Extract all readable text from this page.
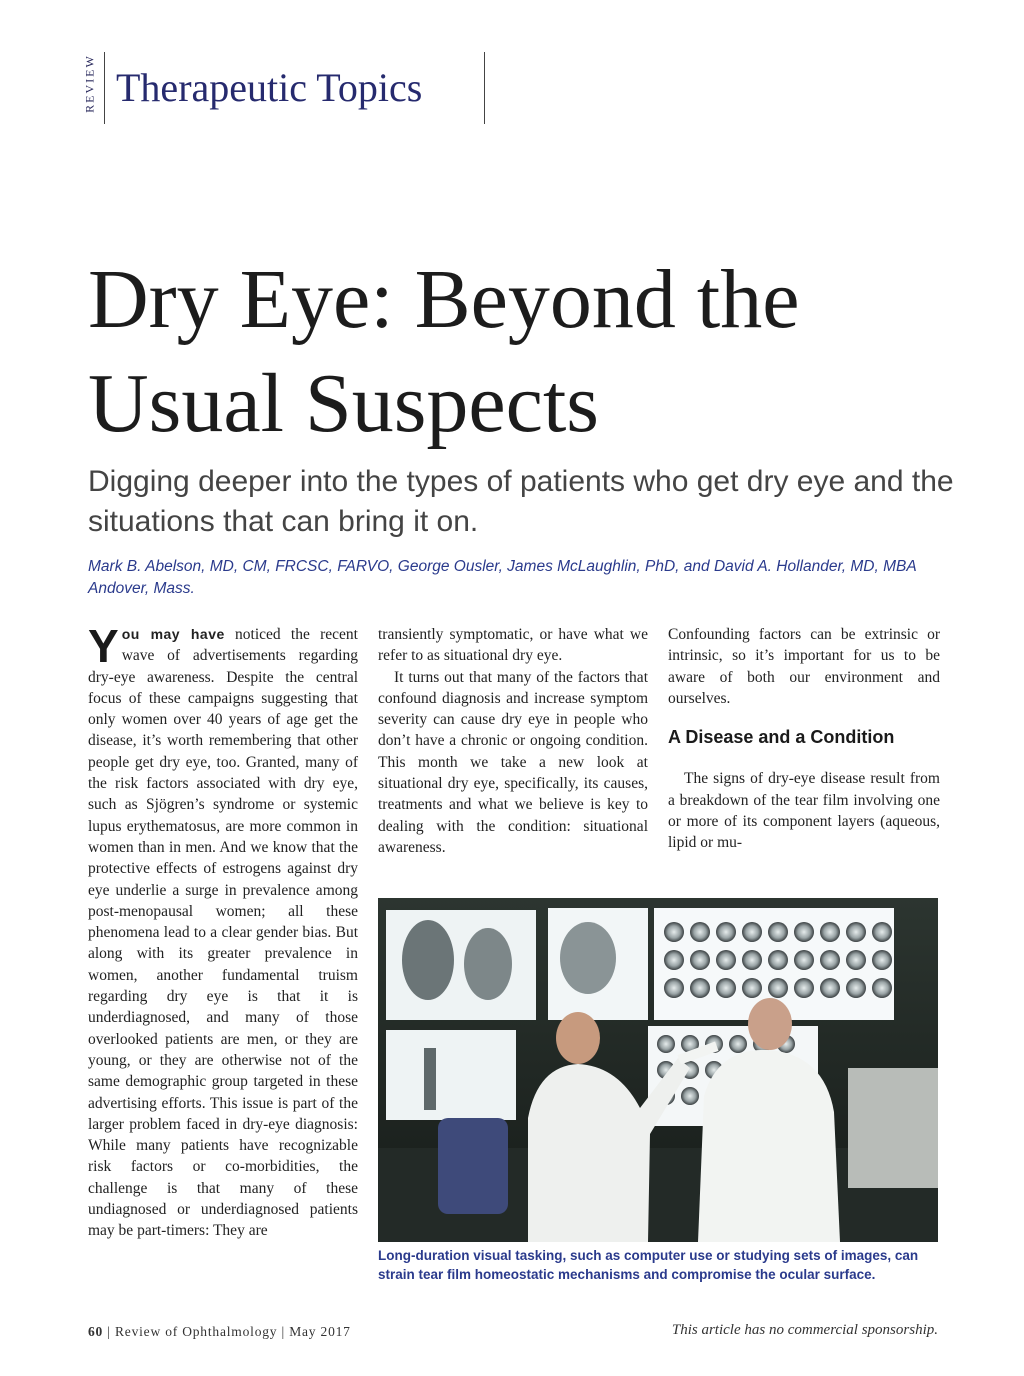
REVIEW Therapeutic Topics
Dry Eye: Beyond the Usual Suspects
Digging deeper into the types of patients who get dry eye and the situations that can bring it on.
Mark B. Abelson, MD, CM, FRCSC, FARVO, George Ousler, James McLaughlin, PhD, and David A. Hollander, MD, MBA
Andover, Mass.

You may have noticed the recent wave of advertisements regarding dry-eye awareness. Despite the central focus of these campaigns suggesting that only women over 40 years of age get the disease, it’s worth remembering that other people get dry eye, too. Granted, many of the risk factors associated with dry eye, such as Sjögren’s syndrome or systemic lupus erythematosus, are more common in women than in men. And we know that the protective effects of estrogens against dry eye underlie a surge in prevalence among post-menopausal women; all these phenomena lead to a clear gender bias. But along with its greater prevalence in women, another fundamental truism regarding dry eye is that it is underdiagnosed, and many of those overlooked patients are men, or they are young, or they are otherwise not of the same demographic group targeted in these advertising efforts. This issue is part of the larger problem faced in dry-eye diagnosis: While many patients have recognizable risk factors or co-morbidities, the challenge is that many of these undiagnosed or underdiagnosed patients may be part-timers: They are

transiently symptomatic, or have what we refer to as situational dry eye.

It turns out that many of the factors that confound diagnosis and increase symptom severity can cause dry eye in people who don’t have a chronic or ongoing condition. This month we take a new look at situational dry eye, specifically, its causes, treatments and what we believe is key to dealing with the condition: situational awareness.

Confounding factors can be extrinsic or intrinsic, so it’s important for us to be aware of both our environment and ourselves.

A Disease and a Condition

The signs of dry-eye disease result from a breakdown of the tear film involving one or more of its component layers (aqueous, lipid or mu-

Long-duration visual tasking, such as computer use or studying sets of images, can strain tear film homeostatic mechanisms and compromise the ocular surface.
60 | Review of Ophthalmology | May 2017	This article has no commercial sponsorship.
